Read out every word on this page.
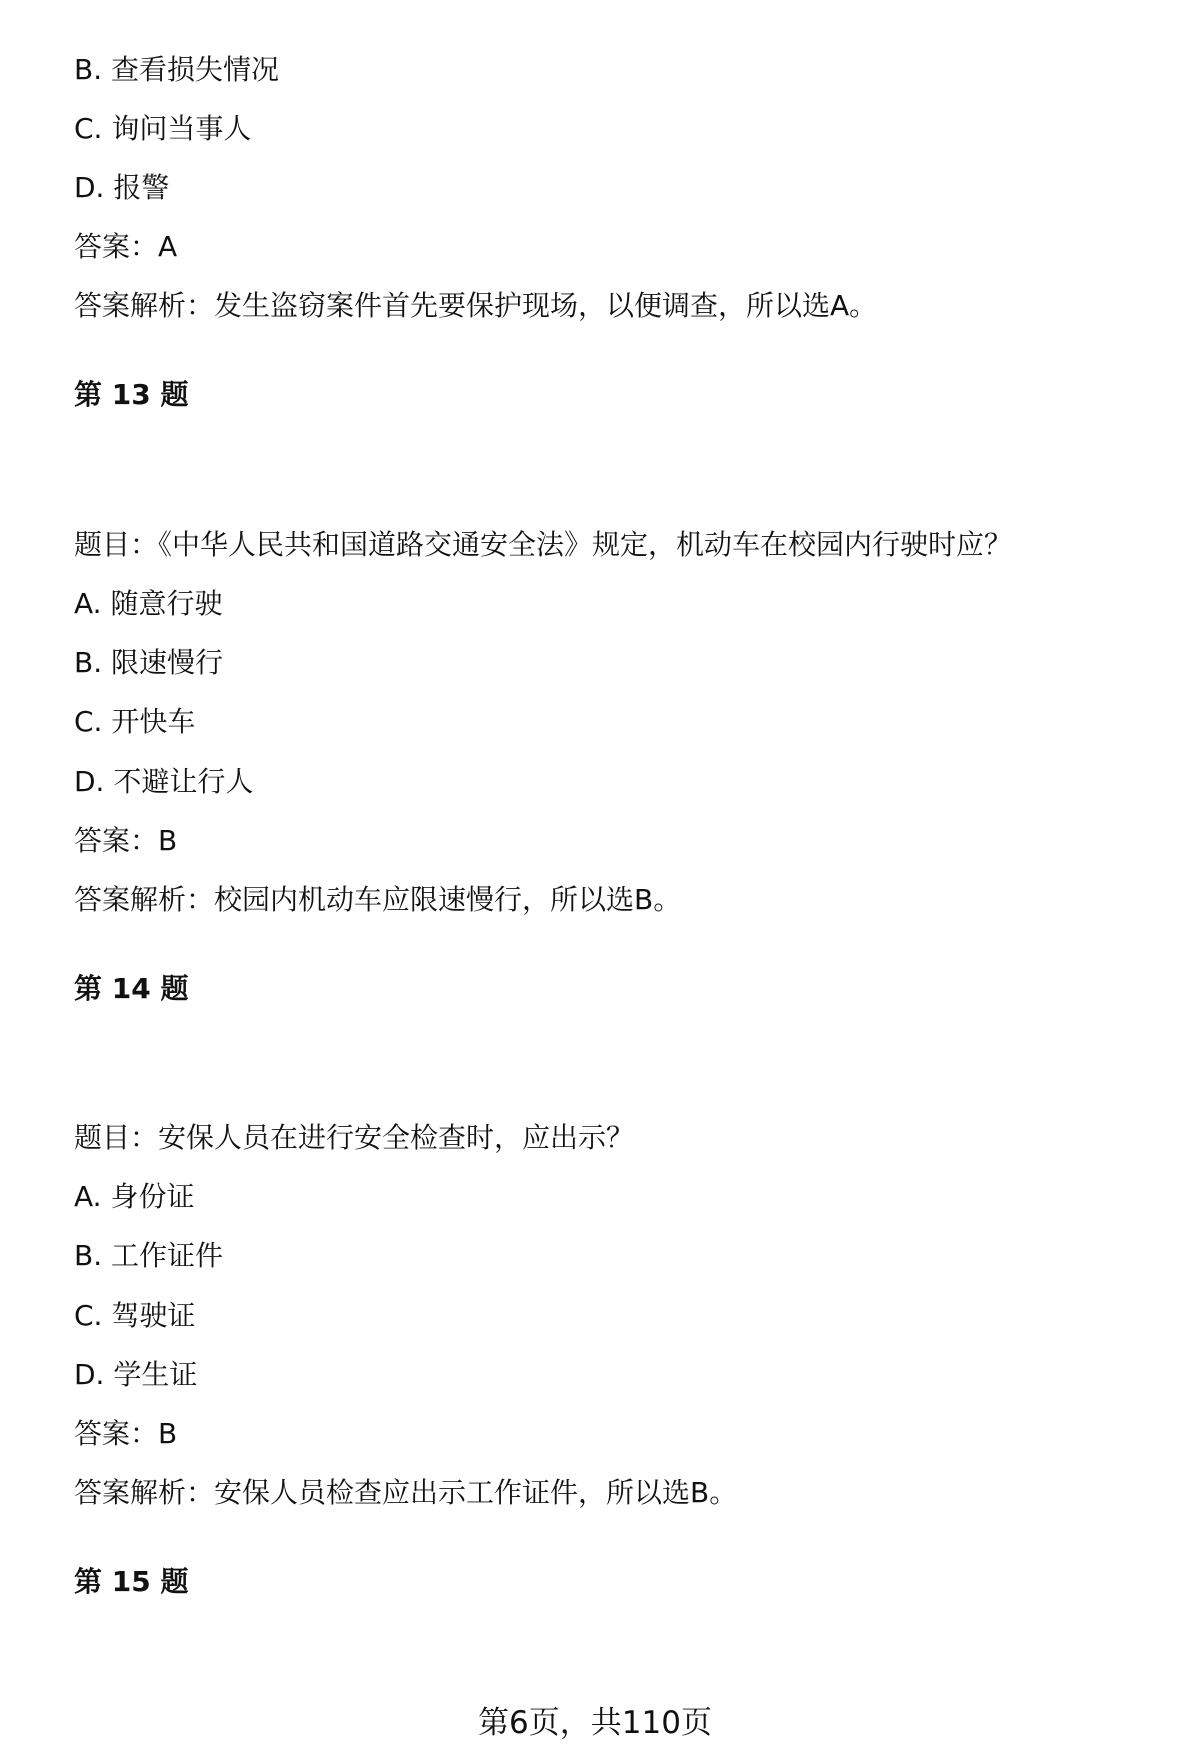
B. 查看损失情况
C. 询问当事人
D. 报警
答案：A
答案解析：发生盗窃案件首先要保护现场，以便调查，所以选A。
第 13 题
题目：《中华人民共和国道路交通安全法》规定，机动车在校园内行驶时应？
A. 随意行驶
B. 限速慢行
C. 开快车
D. 不避让行人
答案：B
答案解析：校园内机动车应限速慢行，所以选B。
第 14 题
题目：安保人员在进行安全检查时，应出示？
A. 身份证
B. 工作证件
C. 驾驶证
D. 学生证
答案：B
答案解析：安保人员检查应出示工作证件，所以选B。
第 15 题
第6页，共110页
